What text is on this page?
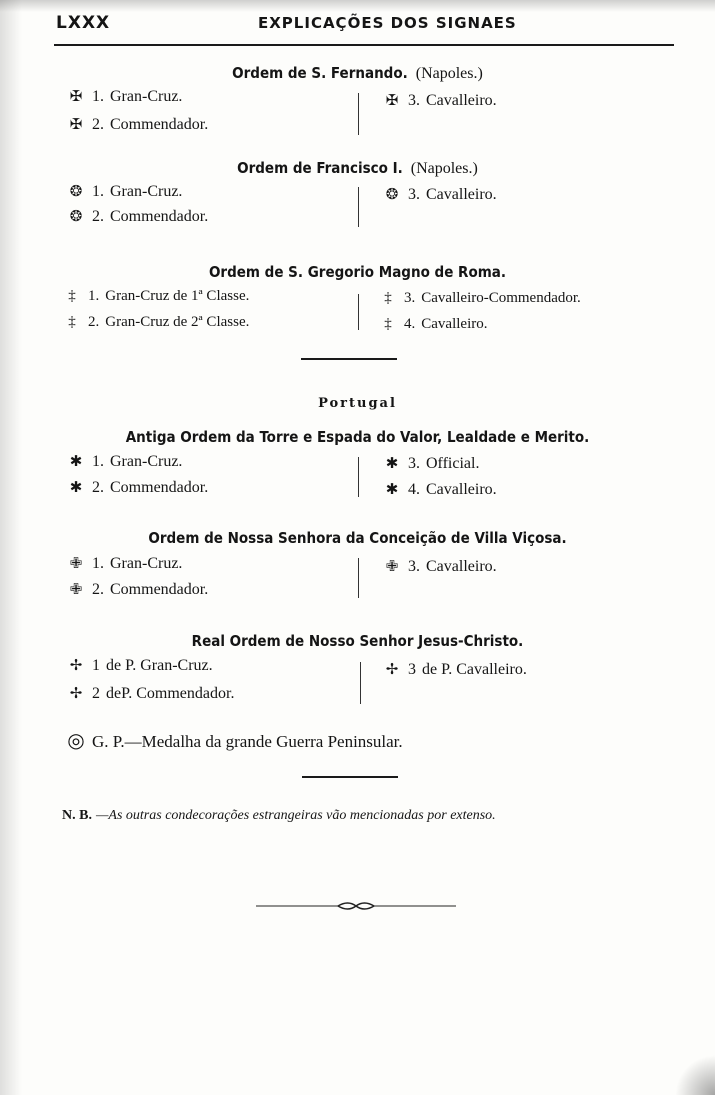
LXXX	EXPLICAÇÕES DOS SIGNAES
Ordem de S. Fernando. (Napoles.)
✠ 1. Gran-Cruz.
✠ 2. Commendador.
✠ 3. Cavalleiro.
Ordem de Francisco I. (Napoles.)
❂ 1. Gran-Cruz.
❂ 2. Commendador.
❂ 3. Cavalleiro.
Ordem de S. Gregorio Magno de Roma.
‡ 1. Gran-Cruz de 1ª Classe.
‡ 2. Gran-Cruz de 2ª Classe.
‡ 3. Cavalleiro-Commendador.
‡ 4. Cavalleiro.
Portugal
Antiga Ordem da Torre e Espada do Valor, Lealdade e Merito.
✱ 1. Gran-Cruz.
✱ 2. Commendador.
✱ 3. Official.
✱ 4. Cavalleiro.
Ordem de Nossa Senhora da Conceição de Villa Viçosa.
✙ 1. Gran-Cruz.
✙ 2. Commendador.
✙ 3. Cavalleiro.
Real Ordem de Nosso Senhor Jesus-Christo.
✢ 1 de P. Gran-Cruz.
✢ 2 deP. Commendador.
✢ 3 de P. Cavalleiro.
◎ G. P.—Medalha da grande Guerra Peninsular.
N. B. —As outras condecorações estrangeiras vão mencionadas por extenso.
